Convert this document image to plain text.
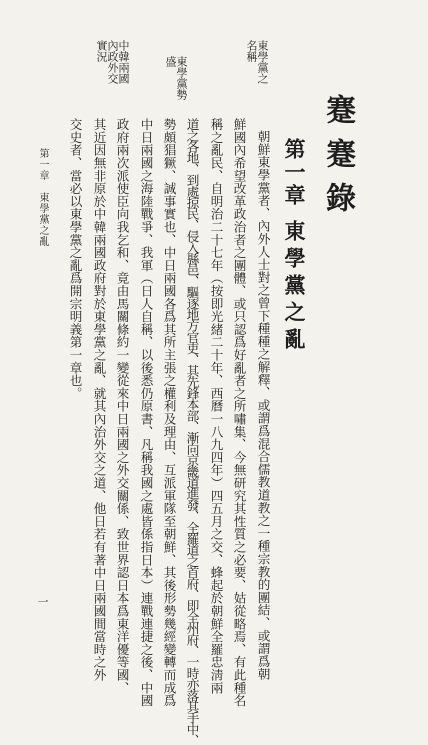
蹇蹇錄
第一章
東學黨之亂
東學黨之
名稱
東學黨勢
盛
中韓兩國
內政外交
實況
朝鮮東學黨者、內外人士對之曾下種種之解釋、或謂爲混合儒教道教之一種宗教的團結、或謂爲朝
鮮國內希望改革政治者之團體、或只認爲好亂者之所嘯集、今無研究其性質之必要、姑從略焉、有此種名
稱之亂民、自明治二十七年（按即光緒二十年、西曆一八九四年）四五月之交、蜂起於朝鮮全羅忠淸兩
道之各地、到處掠民、侵入縣邑、驅逐地方官吏、其先鋒本部、漸向京畿道進發、全羅道之首府、即全州府、一時亦落其手中、
勢頗猖獗、誠事實也、中日兩國各爲其所主張之權利及理由、互派軍隊至朝鮮、其後形勢幾經變轉而成爲
中日兩國之海陸戰爭、我軍（日人自稱、以後悉仍原書、凡稱我國之處皆係指日本）連戰連捷之後、中國
政府兩次派使臣向我乞和、竟由馬關條約一變從來中日兩國之外交關係、致世界認日本爲東洋優等國、
其近因無非原於中韓兩國政府對於東學黨之亂、就其內治外交之道、他日若有著中日兩國間當時之外
交史者、當必以東學黨之亂爲開宗明義第一章也。
第一章　東學黨之亂
一
